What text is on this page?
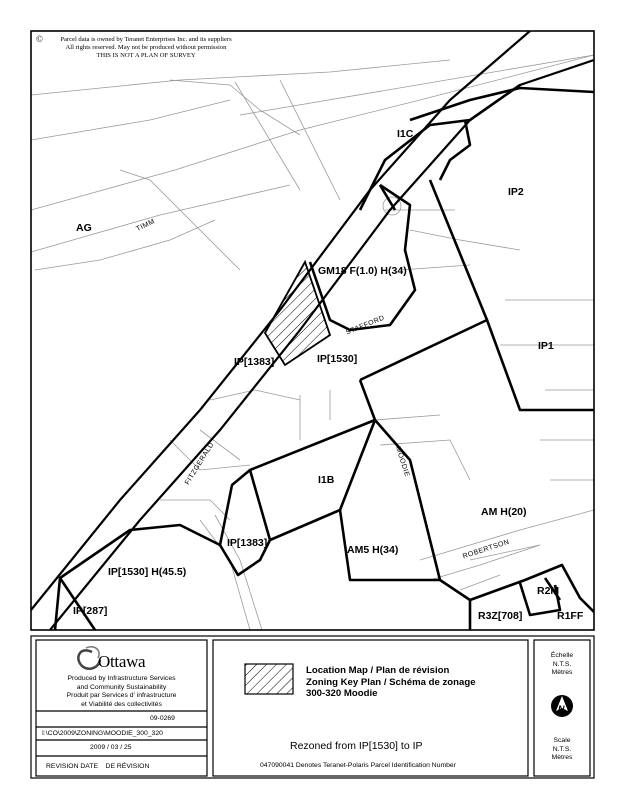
©	Parcel data is owned by Teranet Enterprises Inc. and its suppliers
All rights reserved. May not be produced without permission
THIS IS NOT A PLAN OF SURVEY
I1C
IP2
AG
GM18 F(1.0) H(34)
IP1
IP[1383]	IP[1530]
I1B
AM H(20)
IP[1383]
AM5 H(34)
IP[1530] H(45.5)
IP[287]
R2M
R3Z[708]	R1FF
TIMM
STAFFORD
FITZGERALD	MOODIE
ROBERTSON
Ottawa
Produced by Infrastructure Services
and Community Sustainability
Produit par Services d' infrastructure
et Viabilité des collectivités
09-0269
I:\CO\2009\ZONING\MOODIE_300_320
2009 / 03 / 25
REVISION DATE    DE RÉVISION
Location Map / Plan de révision
Zoning Key Plan / Schéma de zonage
300-320 Moodie
Rezoned from IP[1530] to IP
047090041 Denotes Teranet-Polaris Parcel Identification Number
Échelle
N.T.S.
Mètres
N
Scale
N.T.S.
Mètres
